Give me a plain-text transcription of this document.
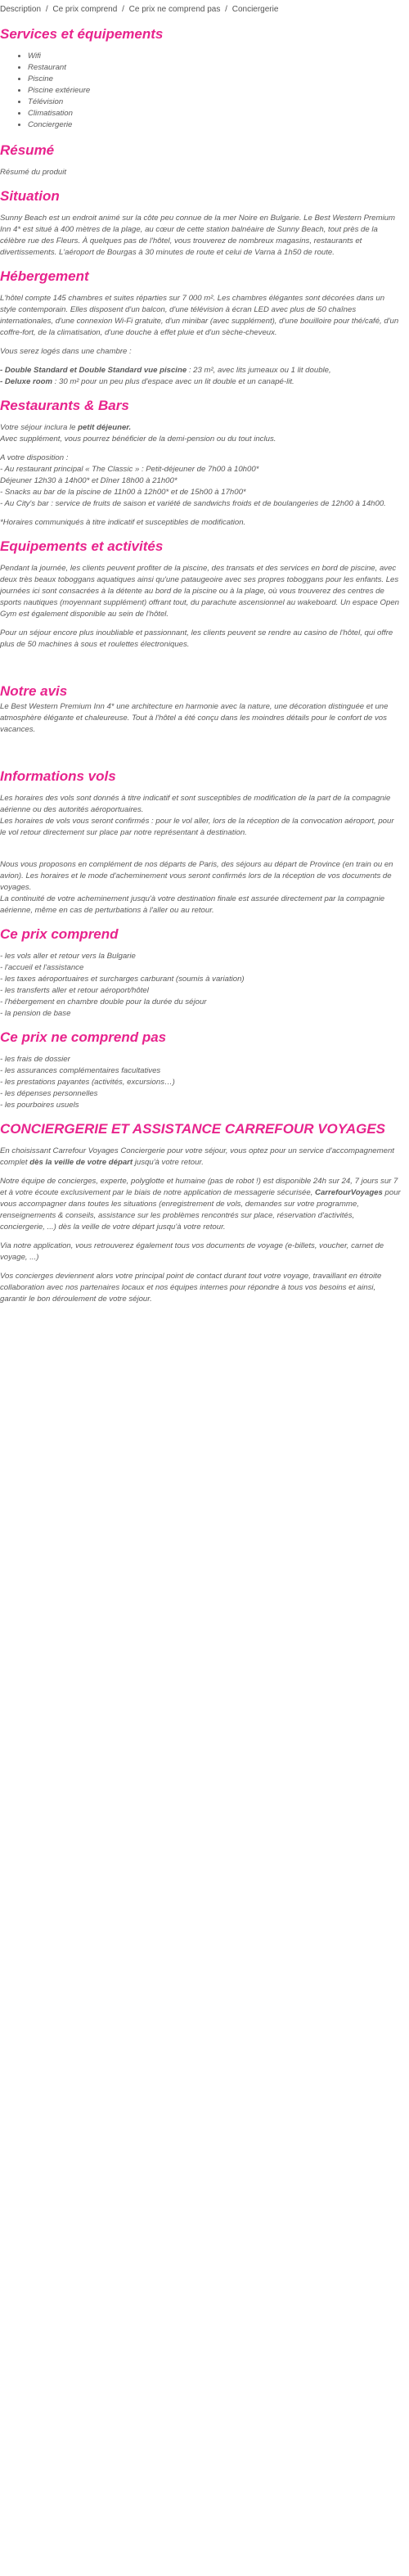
Description / Ce prix comprend / Ce prix ne comprend pas / Conciergerie
Services et équipements
• Wifi
• Restaurant
• Piscine
• Piscine extérieure
• Télévision
• Climatisation
• Conciergerie
Résumé

Résumé du produit

Situation

Sunny Beach est un endroit animé sur la côte peu connue de la mer Noire en Bulgarie. Le Best Western Premium Inn 4* est situé à 400 mètres de la plage, au cœur de cette station balnéaire de Sunny Beach, tout près de la célèbre rue des Fleurs. À quelques pas de l'hôtel, vous trouverez de nombreux magasins, restaurants et divertissements. L'aéroport de Bourgas à 30 minutes de route et celui de Varna à 1h50 de route.

Hébergement

L'hôtel compte 145 chambres et suites réparties sur 7 000 m². Les chambres élégantes sont décorées dans un style contemporain. Elles disposent d'un balcon, d'une télévision à écran LED avec plus de 50 chaînes internationales, d'une connexion Wi-Fi gratuite, d'un minibar (avec supplément), d'une bouilloire pour thé/café, d'un coffre-fort, de la climatisation, d'une douche à effet pluie et d'un sèche-cheveux.

Vous serez logés dans une chambre :

- Double Standard et Double Standard vue piscine : 23 m², avec lits jumeaux ou 1 lit double,
- Deluxe room : 30 m² pour un peu plus d'espace avec un lit double et un canapé-lit.

Restaurants & Bars

Votre séjour inclura le petit déjeuner.
Avec supplément, vous pourrez bénéficier de la demi-pension ou du tout inclus.

A votre disposition :
- Au restaurant principal « The Classic » : Petit-déjeuner de 7h00 à 10h00*
Déjeuner 12h30 à 14h00* et Dîner 18h00 à 21h00*
- Snacks au bar de la piscine de 11h00 à 12h00* et de 15h00 à 17h00*
- Au City's bar : service de fruits de saison et variété de sandwichs froids et de boulangeries de 12h00 à 14h00.

*Horaires communiqués à titre indicatif et susceptibles de modification.

Equipements et activités

Pendant la journée, les clients peuvent profiter de la piscine, des transats et des services en bord de piscine, avec deux très beaux toboggans aquatiques ainsi qu'une pataugeoire avec ses propres toboggans pour les enfants. Les journées ici sont consacrées à la détente au bord de la piscine ou à la plage, où vous trouverez des centres de sports nautiques (moyennant supplément) offrant tout, du parachute ascensionnel au wakeboard. Un espace Open Gym est également disponible au sein de l'hôtel.

Pour un séjour encore plus inoubliable et passionnant, les clients peuvent se rendre au casino de l'hôtel, qui offre plus de 50 machines à sous et roulettes électroniques.

Notre avis

Le Best Western Premium Inn 4* une architecture en harmonie avec la nature, une décoration distinguée et une atmosphère élégante et chaleureuse. Tout à l'hôtel a été conçu dans les moindres détails pour le confort de vos vacances.

Informations vols

Les horaires des vols sont donnés à titre indicatif et sont susceptibles de modification de la part de la compagnie aérienne ou des autorités aéroportuaires.
Les horaires de vols vous seront confirmés : pour le vol aller, lors de la réception de la convocation aéroport, pour le vol retour directement sur place par notre représentant à destination.

Nous vous proposons en complément de nos départs de Paris, des séjours au départ de Province (en train ou en avion). Les horaires et le mode d'acheminement vous seront confirmés lors de la réception de vos documents de voyages.
La continuité de votre acheminement jusqu'à votre destination finale est assurée directement par la compagnie aérienne, même en cas de perturbations à l'aller ou au retour.

Ce prix comprend

- les vols aller et retour vers la Bulgarie
- l'accueil et l'assistance
- les taxes aéroportuaires et surcharges carburant (soumis à variation)
- les transferts aller et retour aéroport/hôtel
- l'hébergement en chambre double pour la durée du séjour
- la pension de base

Ce prix ne comprend pas

- les frais de dossier
- les assurances complémentaires facultatives
- les prestations payantes (activités, excursions…)
- les dépenses personnelles
- les pourboires usuels

CONCIERGERIE ET ASSISTANCE CARREFOUR VOYAGES

En choisissant Carrefour Voyages Conciergerie pour votre séjour, vous optez pour un service d'accompagnement complet dès la veille de votre départ jusqu'à votre retour.

Notre équipe de concierges, experte, polyglotte et humaine (pas de robot !) est disponible 24h sur 24, 7 jours sur 7 et à votre écoute exclusivement par le biais de notre application de messagerie sécurisée, CarrefourVoyages pour vous accompagner dans toutes les situations (enregistrement de vols, demandes sur votre programme, renseignements & conseils, assistance sur les problèmes rencontrés sur place, réservation d'activités, conciergerie, ...) dès la veille de votre départ jusqu'à votre retour.

Via notre application, vous retrouverez également tous vos documents de voyage (e-billets, voucher, carnet de voyage, ...)

Vos concierges deviennent alors votre principal point de contact durant tout votre voyage, travaillant en étroite collaboration avec nos partenaires locaux et nos équipes internes pour répondre à tous vos besoins et ainsi, garantir le bon déroulement de votre séjour.
